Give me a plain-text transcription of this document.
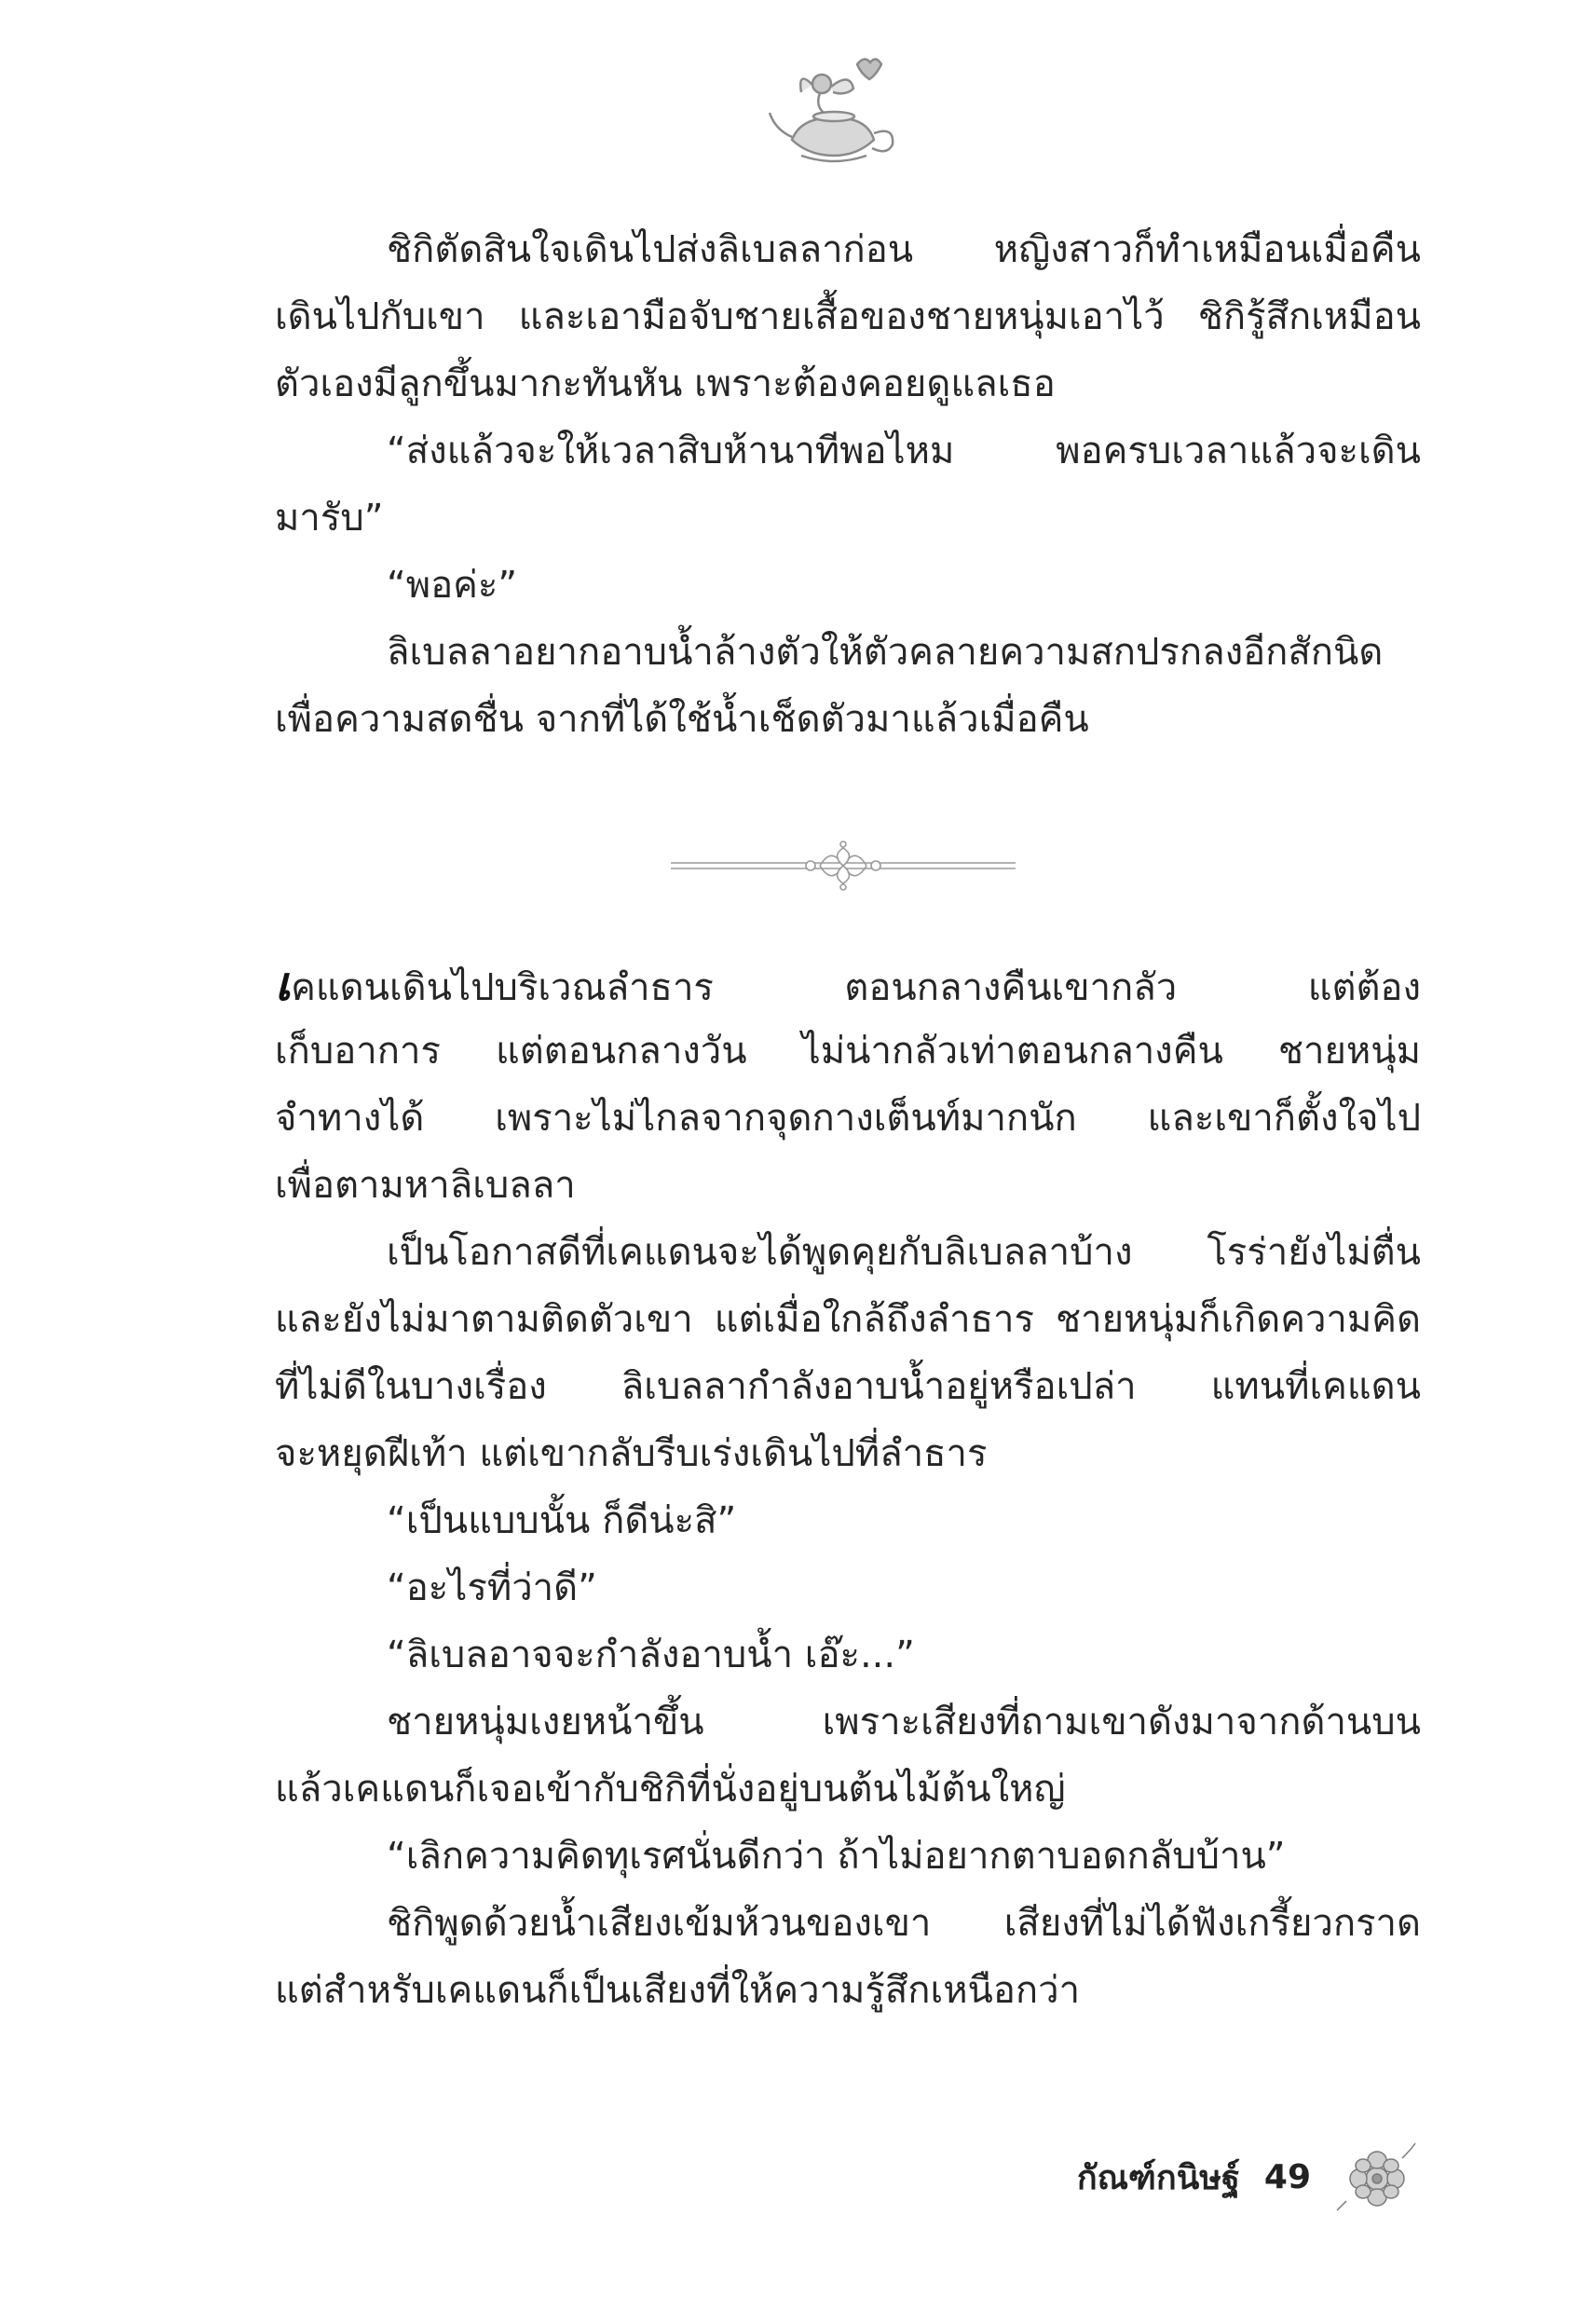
ชิกิตัดสินใจเดินไปส่งลิเบลลาก่อน หญิงสาวก็ทำเหมือนเมื่อคืน
เดินไปกับเขา และเอามือจับชายเสื้อของชายหนุ่มเอาไว้ ชิกิรู้สึกเหมือน
ตัวเองมีลูกขึ้นมากะทันหัน เพราะต้องคอยดูแลเธอ
“ส่งแล้วจะให้เวลาสิบห้านาทีพอไหม พอครบเวลาแล้วจะเดิน
มารับ”
“พอค่ะ”
ลิเบลลาอยากอาบน้ำล้างตัวให้ตัวคลายความสกปรกลงอีกสักนิด
เพื่อความสดชื่น จากที่ได้ใช้น้ำเช็ดตัวมาแล้วเมื่อคืน
เคแดนเดินไปบริเวณลำธาร ตอนกลางคืนเขากลัว แต่ต้อง
เก็บอาการ แต่ตอนกลางวัน ไม่น่ากลัวเท่าตอนกลางคืน ชายหนุ่ม
จำทางได้ เพราะไม่ไกลจากจุดกางเต็นท์มากนัก และเขาก็ตั้งใจไป
เพื่อตามหาลิเบลลา
เป็นโอกาสดีที่เคแดนจะได้พูดคุยกับลิเบลลาบ้าง โรร่ายังไม่ตื่น
และยังไม่มาตามติดตัวเขา แต่เมื่อใกล้ถึงลำธาร ชายหนุ่มก็เกิดความคิด
ที่ไม่ดีในบางเรื่อง ลิเบลลากำลังอาบน้ำอยู่หรือเปล่า แทนที่เคแดน
จะหยุดฝีเท้า แต่เขากลับรีบเร่งเดินไปที่ลำธาร
“เป็นแบบนั้น ก็ดีน่ะสิ”
“อะไรที่ว่าดี”
“ลิเบลอาจจะกำลังอาบน้ำ เอ๊ะ...”
ชายหนุ่มเงยหน้าขึ้น เพราะเสียงที่ถามเขาดังมาจากด้านบน
แล้วเคแดนก็เจอเข้ากับชิกิที่นั่งอยู่บนต้นไม้ต้นใหญ่
“เลิกความคิดทุเรศนั่นดีกว่า ถ้าไม่อยากตาบอดกลับบ้าน”
ชิกิพูดด้วยน้ำเสียงเข้มห้วนของเขา เสียงที่ไม่ได้ฟังเกรี้ยวกราด
แต่สำหรับเคแดนก็เป็นเสียงที่ให้ความรู้สึกเหนือกว่า
กัณฑ์กนิษฐ์ 49
